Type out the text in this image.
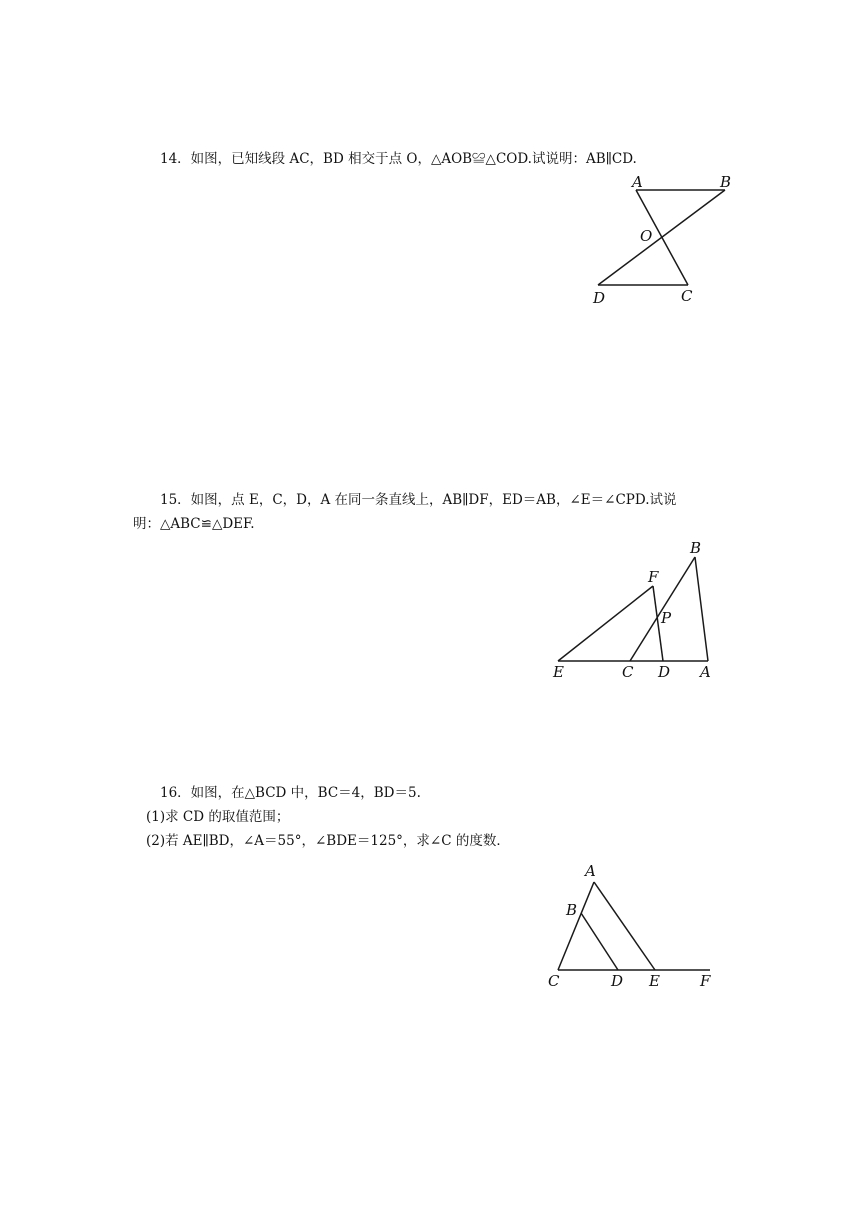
14．如图，已知线段 AC，BD 相交于点 O，△AOB≌△COD.试说明：AB∥CD.
A	B
O
D	C
15．如图，点 E，C，D，A 在同一条直线上，AB∥DF，ED＝AB，∠E＝∠CPD.试说
明：△ABC≌△DEF.
B
F
P
E	C D A
16．如图，在△BCD 中，BC＝4，BD＝5.
(1)求 CD 的取值范围；
(2)若 AE∥BD，∠A＝55°，∠BDE＝125°，求∠C 的度数．
A
B
C	D E	F
